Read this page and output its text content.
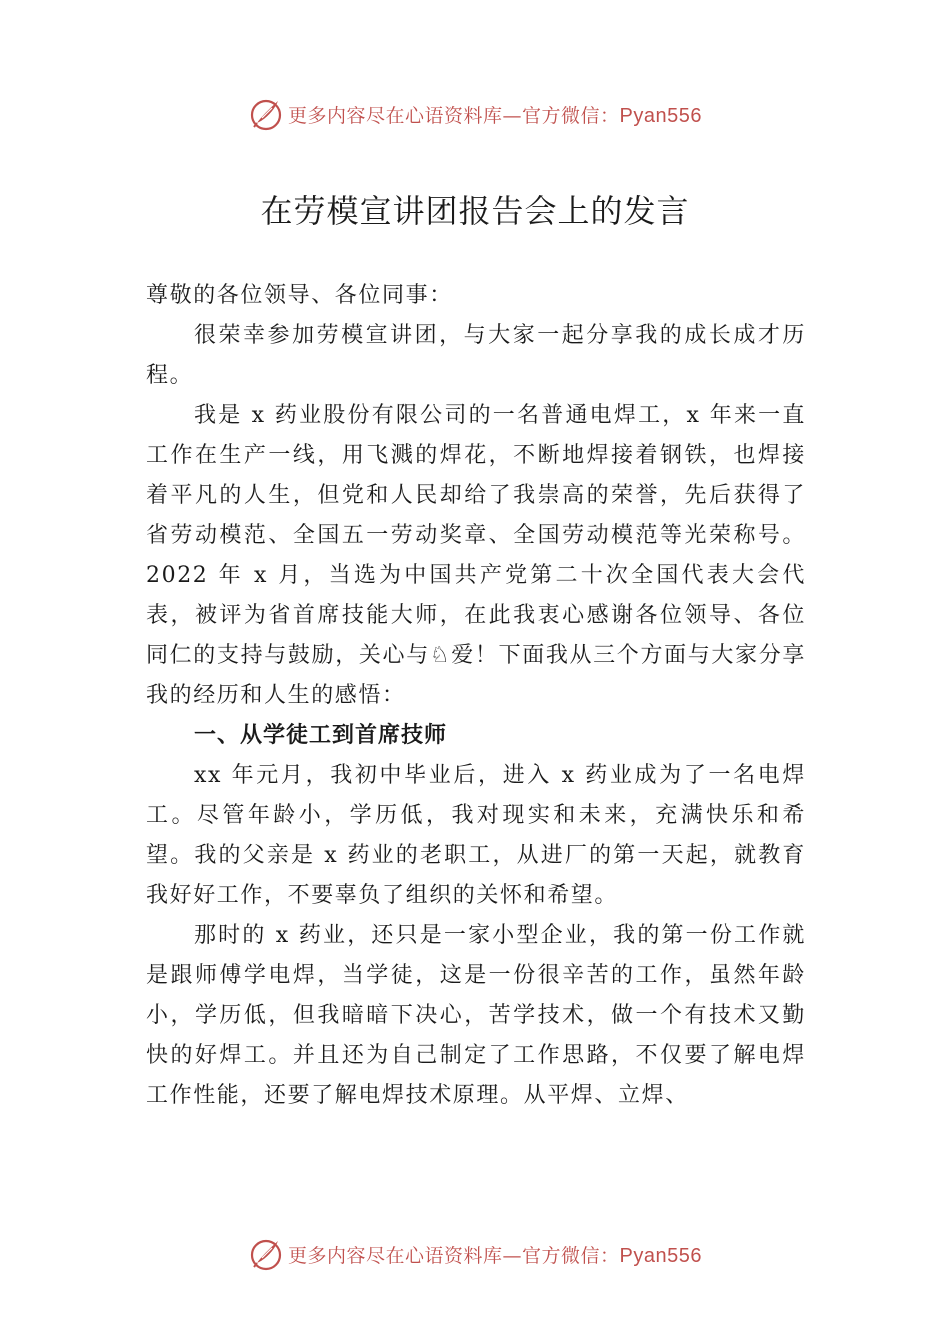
更多内容尽在心语资料库—官方微信：Pyan556
在劳模宣讲团报告会上的发言

尊敬的各位领导、各位同事：

很荣幸参加劳模宣讲团，与大家一起分享我的成长成才历程。

我是 x 药业股份有限公司的一名普通电焊工，x 年来一直工作在生产一线，用飞溅的焊花，不断地焊接着钢铁，也焊接着平凡的人生，但党和人民却给了我崇高的荣誉，先后获得了省劳动模范、全国五一劳动奖章、全国劳动模范等光荣称号。2022 年 x 月，当选为中国共产党第二十次全国代表大会代表，被评为省首席技能大师，在此我衷心感谢各位领导、各位同仁的支持与鼓励，关心与♘爱！下面我从三个方面与大家分享我的经历和人生的感悟：

一、从学徒工到首席技师

xx 年元月，我初中毕业后，进入 x 药业成为了一名电焊工。尽管年龄小，学历低，我对现实和未来，充满快乐和希望。我的父亲是 x 药业的老职工，从进厂的第一天起，就教育我好好工作，不要辜负了组织的关怀和希望。

那时的 x 药业，还只是一家小型企业，我的第一份工作就是跟师傅学电焊，当学徒，这是一份很辛苦的工作，虽然年龄小，学历低，但我暗暗下决心，苦学技术，做一个有技术又勤快的好焊工。并且还为自己制定了工作思路，不仅要了解电焊工作性能，还要了解电焊技术原理。从平焊、立焊、

更多内容尽在心语资料库—官方微信：Pyan556
